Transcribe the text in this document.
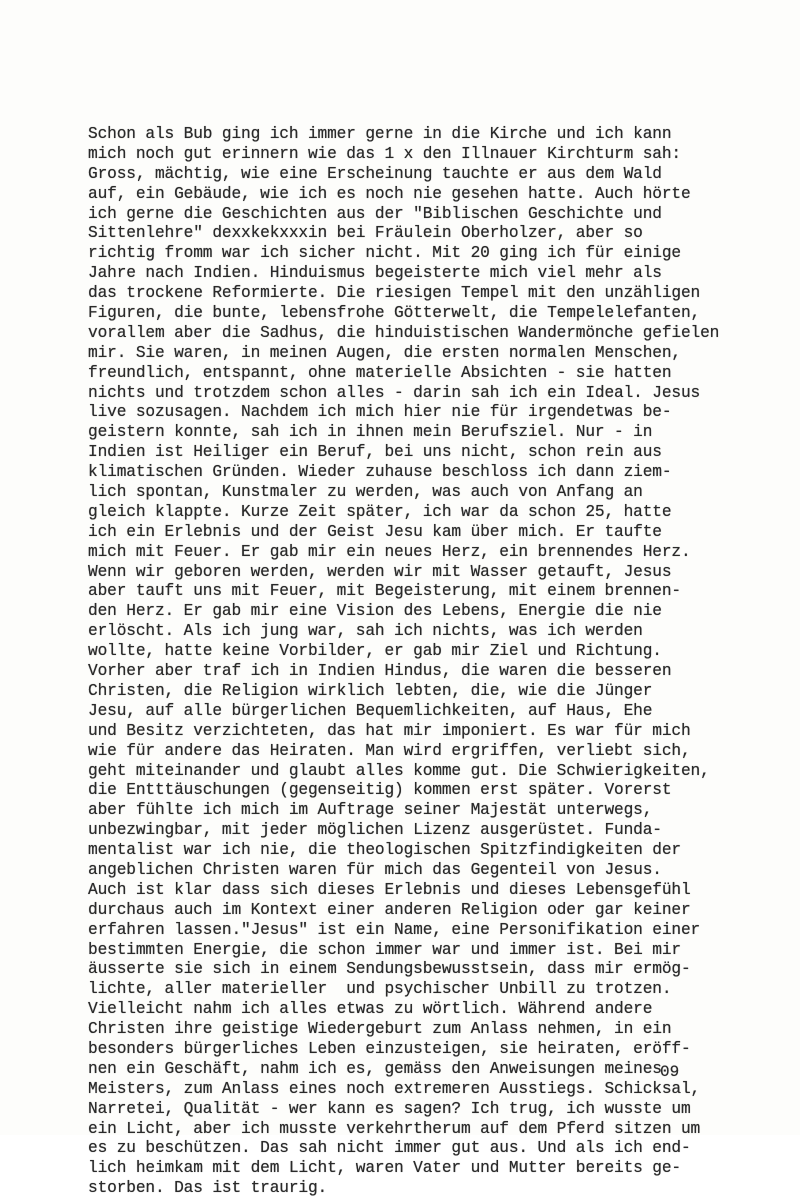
Schon als Bub ging ich immer gerne in die Kirche und ich kann
mich noch gut erinnern wie das 1 x den Illnauer Kirchturm sah:
Gross, mächtig, wie eine Erscheinung tauchte er aus dem Wald
auf, ein Gebäude, wie ich es noch nie gesehen hatte. Auch hörte
ich gerne die Geschichten aus der "Biblischen Geschichte und
Sittenlehre" dexxkekxxxin bei Fräulein Oberholzer, aber so
richtig fromm war ich sicher nicht. Mit 20 ging ich für einige
Jahre nach Indien. Hinduismus begeisterte mich viel mehr als
das trockene Reformierte. Die riesigen Tempel mit den unzähligen
Figuren, die bunte, lebensfrohe Götterwelt, die Tempelelefanten,
vorallem aber die Sadhus, die hinduistischen Wandermönche gefielen
mir. Sie waren, in meinen Augen, die ersten normalen Menschen,
freundlich, entspannt, ohne materielle Absichten - sie hatten
nichts und trotzdem schon alles - darin sah ich ein Ideal. Jesus
live sozusagen. Nachdem ich mich hier nie für irgendetwas be-
geistern konnte, sah ich in ihnen mein Berufsziel. Nur - in
Indien ist Heiliger ein Beruf, bei uns nicht, schon rein aus
klimatischen Gründen. Wieder zuhause beschloss ich dann ziem-
lich spontan, Kunstmaler zu werden, was auch von Anfang an
gleich klappte. Kurze Zeit später, ich war da schon 25, hatte
ich ein Erlebnis und der Geist Jesu kam über mich. Er taufte
mich mit Feuer. Er gab mir ein neues Herz, ein brennendes Herz.
Wenn wir geboren werden, werden wir mit Wasser getauft, Jesus
aber tauft uns mit Feuer, mit Begeisterung, mit einem brennen-
den Herz. Er gab mir eine Vision des Lebens, Energie die nie
erlöscht. Als ich jung war, sah ich nichts, was ich werden
wollte, hatte keine Vorbilder, er gab mir Ziel und Richtung.
Vorher aber traf ich in Indien Hindus, die waren die besseren
Christen, die Religion wirklich lebten, die, wie die Jünger
Jesu, auf alle bürgerlichen Bequemlichkeiten, auf Haus, Ehe
und Besitz verzichteten, das hat mir imponiert. Es war für mich
wie für andere das Heiraten. Man wird ergriffen, verliebt sich,
geht miteinander und glaubt alles komme gut. Die Schwierigkeiten,
die Entttäuschungen (gegenseitig) kommen erst später. Vorerst
aber fühlte ich mich im Auftrage seiner Majestät unterwegs,
unbezwingbar, mit jeder möglichen Lizenz ausgerüstet. Funda-
mentalist war ich nie, die theologischen Spitzfindigkeiten der
angeblichen Christen waren für mich das Gegenteil von Jesus.
Auch ist klar dass sich dieses Erlebnis und dieses Lebensgefühl
durchaus auch im Kontext einer anderen Religion oder gar keiner
erfahren lassen."Jesus" ist ein Name, eine Personifikation einer
bestimmten Energie, die schon immer war und immer ist. Bei mir
äusserte sie sich in einem Sendungsbewusstsein, dass mir ermög-
lichte, aller materieller  und psychischer Unbill zu trotzen.
Vielleicht nahm ich alles etwas zu wörtlich. Während andere
Christen ihre geistige Wiedergeburt zum Anlass nehmen, in ein
besonders bürgerliches Leben einzusteigen, sie heiraten, eröff-
nen ein Geschäft, nahm ich es, gemäss den Anweisungen meines
Meisters, zum Anlass eines noch extremeren Ausstiegs. Schicksal,
Narretei, Qualität - wer kann es sagen? Ich trug, ich wusste um
ein Licht, aber ich musste verkehrtherum auf dem Pferd sitzen um
es zu beschützen. Das sah nicht immer gut aus. Und als ich end-
lich heimkam mit dem Licht, waren Vater und Mutter bereits ge-
storben. Das ist traurig.
09
